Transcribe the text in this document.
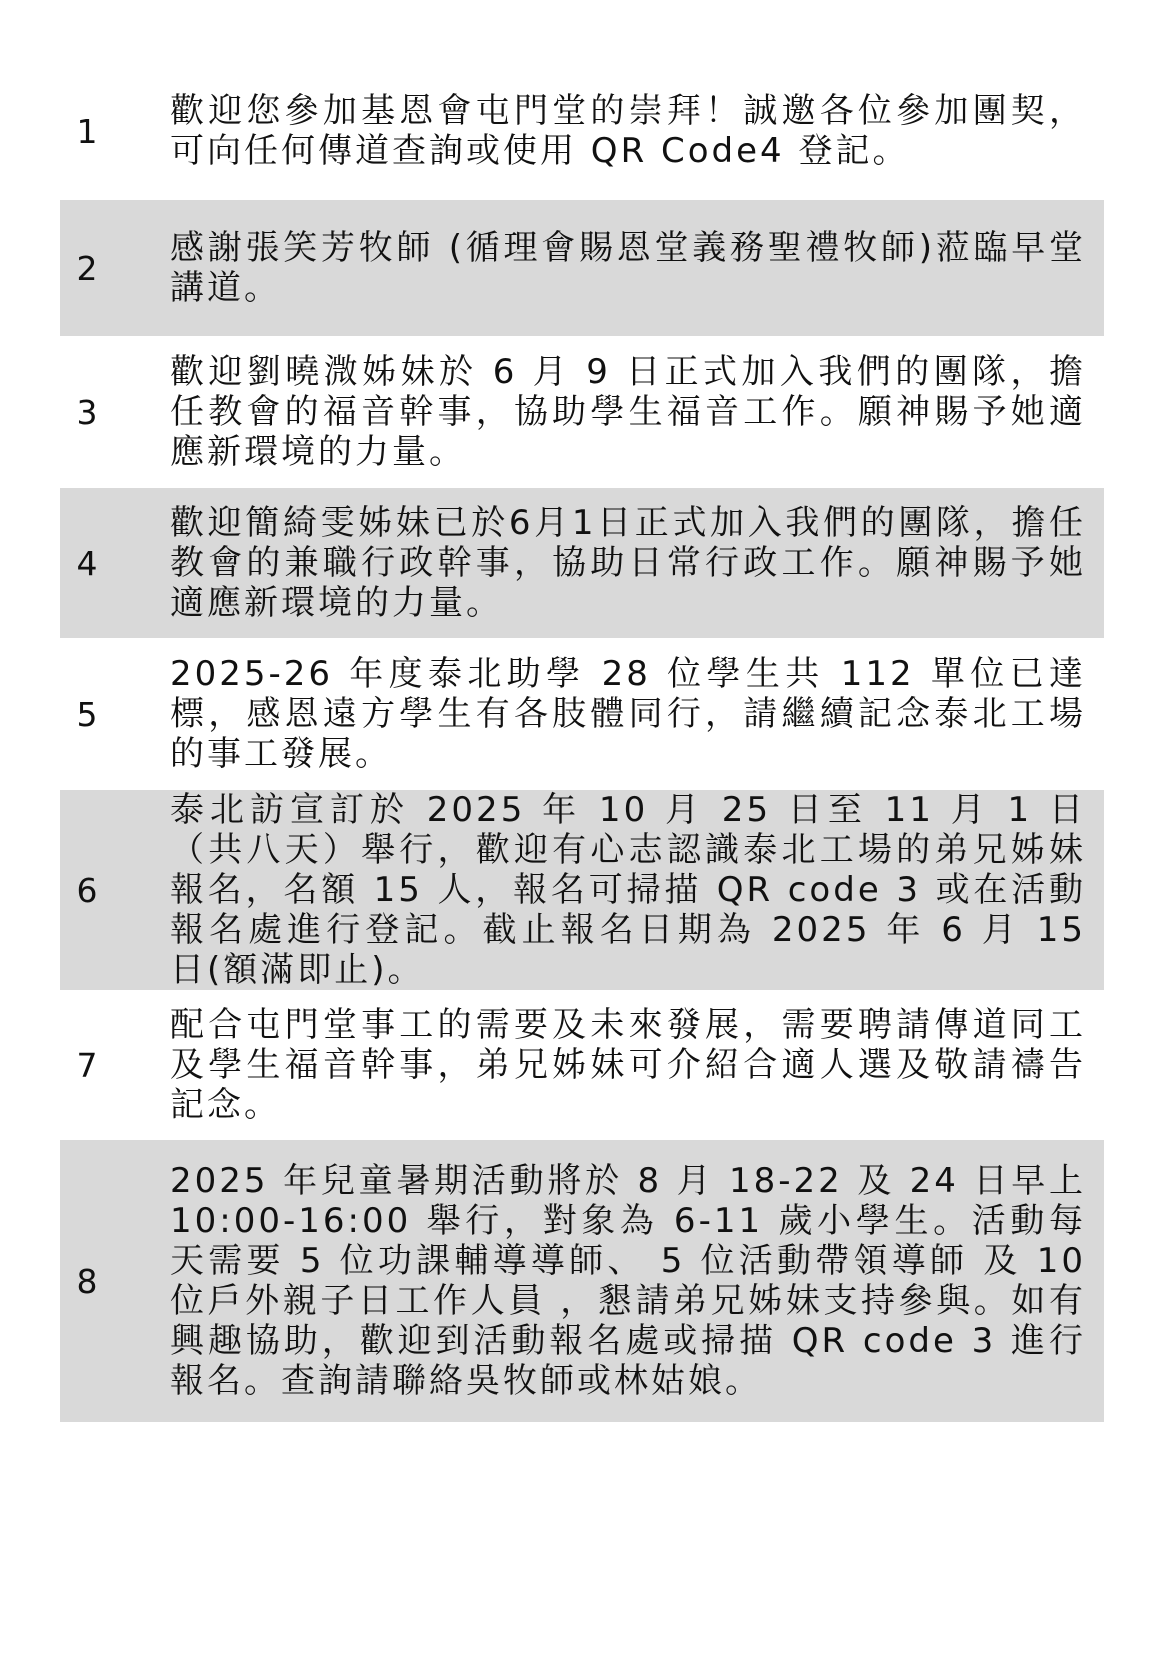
1	歡迎您參加基恩會屯門堂的崇拜！誠邀各位參加團契，可向任何傳道查詢或使用 QR Code4 登記。
2	感謝張笑芳牧師 (循理會賜恩堂義務聖禮牧師)蒞臨早堂講道。
3
歡迎劉曉溦姊妹於 6 月 9 日正式加入我們的團隊，擔任教會的福音幹事，協助學生福音工作。願神賜予她適應新環境的力量。
4
歡迎簡綺雯姊妹已於6月1日正式加入我們的團隊，擔任教會的兼職行政幹事，協助日常行政工作。願神賜予她適應新環境的力量。
5
2025-26 年度泰北助學 28 位學生共 112 單位已達標，感恩遠方學生有各肢體同行，請繼續記念泰北工場的事工發展。
6
泰北訪宣訂於 2025 年 10 月 25 日至 11 月 1 日（共八天）舉行，歡迎有心志認識泰北工場的弟兄姊妹報名，名額 15 人，報名可掃描 QR code 3 或在活動報名處進行登記。截止報名日期為 2025 年 6 月 15 日(額滿即止)。
7
配合屯門堂事工的需要及未來發展，需要聘請傳道同工及學生福音幹事，弟兄姊妹可介紹合適人選及敬請禱告記念。
8
2025 年兒童暑期活動將於 8 月 18-22 及 24 日早上 10:00-16:00 舉行，對象為 6-11 歲小學生。活動每天需要 5 位功課輔導導師、 5 位活動帶領導師 及 10 位戶外親子日工作人員 ，懇請弟兄姊妹支持參與。如有興趣協助，歡迎到活動報名處或掃描 QR code 3 進行報名。查詢請聯絡吳牧師或林姑娘。
